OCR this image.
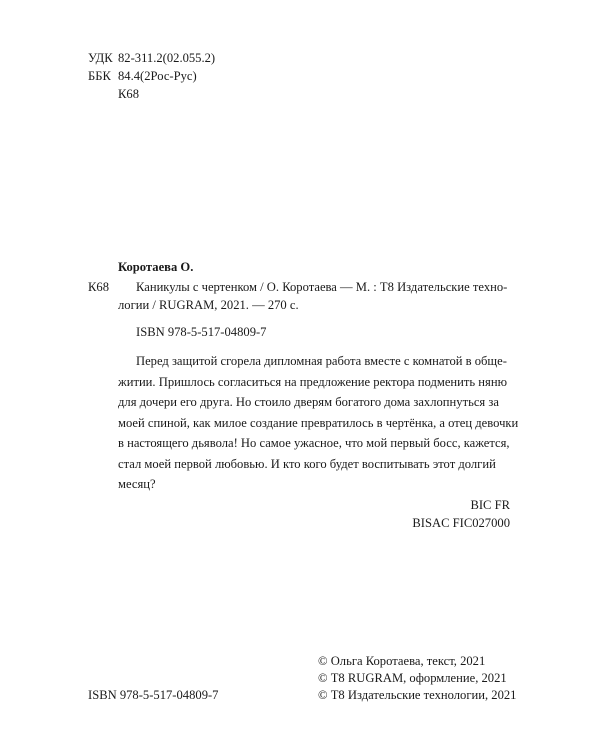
УДК 82-311.2(02.055.2)
ББК 84.4(2Рос-Рус)
К68
Коротаева О.
К68 Каникулы с чертенком / О. Коротаева — М. : Т8 Издательские техно-
логии / RUGRAM, 2021. — 270 с.
ISBN 978-5-517-04809-7
Перед защитой сгорела дипломная работа вместе с комнатой в обще-
житии. Пришлось согласиться на предложение ректора подменить няню
для дочери его друга. Но стоило дверям богатого дома захлопнуться за
моей спиной, как милое создание превратилось в чертёнка, а отец девочки
в настоящего дьявола! Но самое ужасное, что мой первый босс, кажется,
стал моей первой любовью. И кто кого будет воспитывать этот долгий
месяц?
BIC FR
BISAC FIC027000
ISBN 978-5-517-04809-7
© Ольга Коротаева, текст, 2021
© Т8 RUGRAM, оформление, 2021
© Т8 Издательские технологии, 2021
